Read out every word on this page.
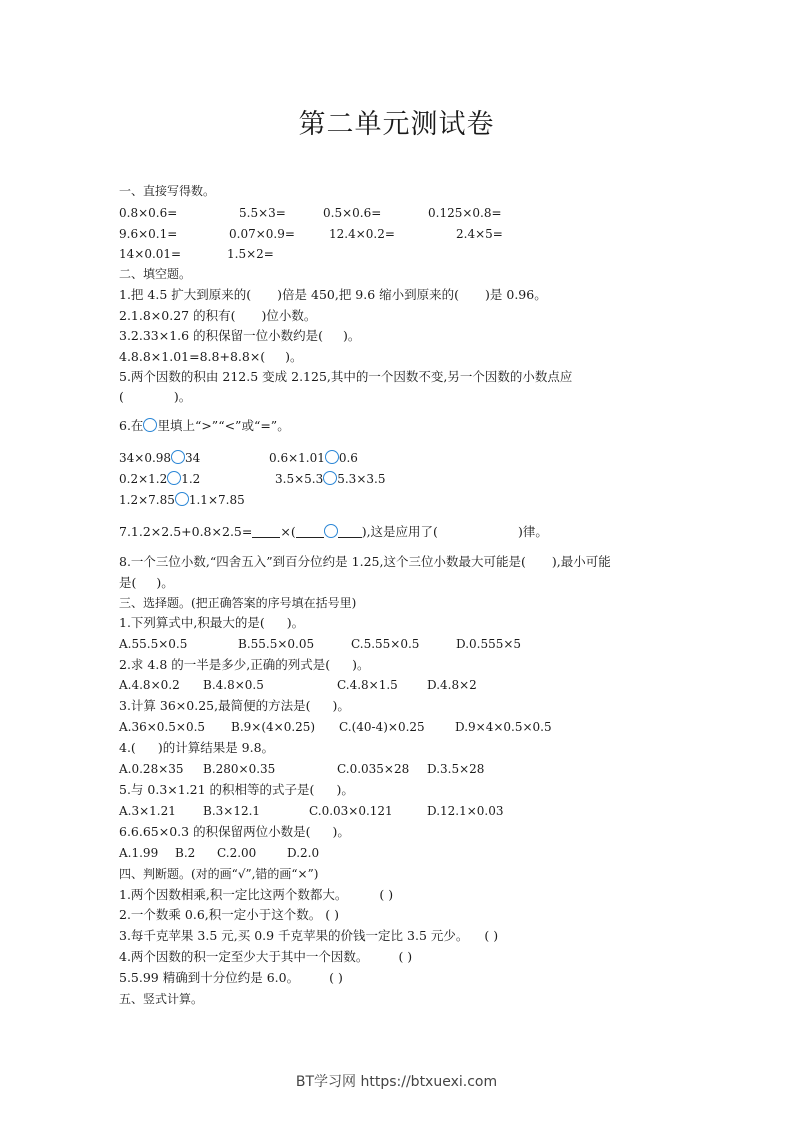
第二单元测试卷
一、直接写得数。
0.8×0.6=	5.5×3=	0.5×0.6=	0.125×0.8=
9.6×0.1=	0.07×0.9=	12.4×0.2=	2.4×5=
14×0.01=	1.5×2=
二、填空题。
1.把 4.5 扩大到原来的( )倍是 450,把 9.6 缩小到原来的( )是 0.96。
2.1.8×0.27 的积有( )位小数。
3.2.33×1.6 的积保留一位小数约是( )。
4.8.8×1.01=8.8+8.8×( )。
5.两个因数的积由 212.5 变成 2.125,其中的一个因数不变,另一个因数的小数点应
(	)。
6.在 里填上“>”“<”或“=”。
34×0.98 34	0.6×1.01 0.6
0.2×1.2 1.2	3.5×5.3 5.3×3.5
1.2×7.85 1.1×7.85
7.1.2×2.5+0.8×2.5= ×(	),这是应用了(	)律。
8.一个三位小数,“四舍五入”到百分位约是 1.25,这个三位小数最大可能是( ),最小可能
是( )。
三、选择题。(把正确答案的序号填在括号里)
1.下列算式中,积最大的是( )。
A.55.5×0.5	B.55.5×0.05	C.5.55×0.5	D.0.555×5
2.求 4.8 的一半是多少,正确的列式是( )。
A.4.8×0.2 B.4.8×0.5	C.4.8×1.5 D.4.8×2
3.计算 36×0.25,最简便的方法是( )。
A.36×0.5×0.5 B.9×(4×0.25) C.(40-4)×0.25	D.9×4×0.5×0.5
4.( )的计算结果是 9.8。
A.0.28×35 B.280×0.35	C.0.035×28 D.3.5×28
5.与 0.3×1.21 的积相等的式子是( )。
A.3×1.21 B.3×12.1	C.0.03×0.121	D.12.1×0.03
6.6.65×0.3 的积保留两位小数是( )。
A.1.99 B.2 C.2.00	D.2.0
四、判断题。(对的画“√”,错的画“×”)
1.两个因数相乘,积一定比这两个数都大。	( )
2.一个数乘 0.6,积一定小于这个数。 ( )
3.每千克苹果 3.5 元,买 0.9 千克苹果的价钱一定比 3.5 元少。 ( )
4.两个因数的积一定至少大于其中一个因数。 ( )
5.5.99 精确到十分位约是 6.0。 ( )
五、竖式计算。
BT学习网 https://btxuexi.com
